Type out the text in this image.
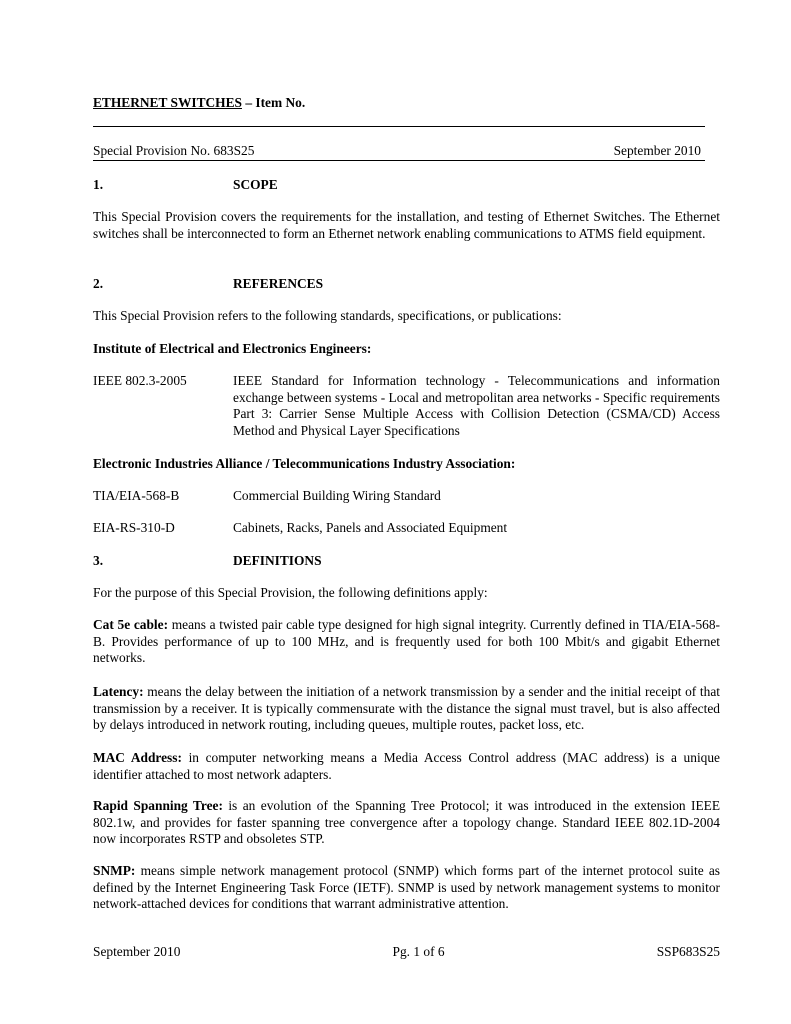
ETHERNET SWITCHES – Item No.
Special Provision No. 683S25	September 2010
1.	SCOPE
This Special Provision covers the requirements for the installation, and testing of Ethernet Switches. The Ethernet switches shall be interconnected to form an Ethernet network enabling communications to ATMS field equipment.
2.	REFERENCES
This Special Provision refers to the following standards, specifications, or publications:
Institute of Electrical and Electronics Engineers:
IEEE 802.3-2005	IEEE Standard for Information technology - Telecommunications and information exchange between systems - Local and metropolitan area networks - Specific requirements Part 3: Carrier Sense Multiple Access with Collision Detection (CSMA/CD) Access Method and Physical Layer Specifications
Electronic Industries Alliance / Telecommunications Industry Association:
TIA/EIA-568-B	Commercial Building Wiring Standard
EIA-RS-310-D	Cabinets, Racks, Panels and Associated Equipment
3.	DEFINITIONS
For the purpose of this Special Provision, the following definitions apply:
Cat 5e cable: means a twisted pair cable type designed for high signal integrity. Currently defined in TIA/EIA-568-B. Provides performance of up to 100 MHz, and is frequently used for both 100 Mbit/s and gigabit Ethernet networks.
Latency: means the delay between the initiation of a network transmission by a sender and the initial receipt of that transmission by a receiver. It is typically commensurate with the distance the signal must travel, but is also affected by delays introduced in network routing, including queues, multiple routes, packet loss, etc.
MAC Address: in computer networking means a Media Access Control address (MAC address) is a unique identifier attached to most network adapters.
Rapid Spanning Tree: is an evolution of the Spanning Tree Protocol; it was introduced in the extension IEEE 802.1w, and provides for faster spanning tree convergence after a topology change. Standard IEEE 802.1D-2004 now incorporates RSTP and obsoletes STP.
SNMP: means simple network management protocol (SNMP) which forms part of the internet protocol suite as defined by the Internet Engineering Task Force (IETF). SNMP is used by network management systems to monitor network-attached devices for conditions that warrant administrative attention.
September 2010	Pg. 1 of 6	SSP683S25
